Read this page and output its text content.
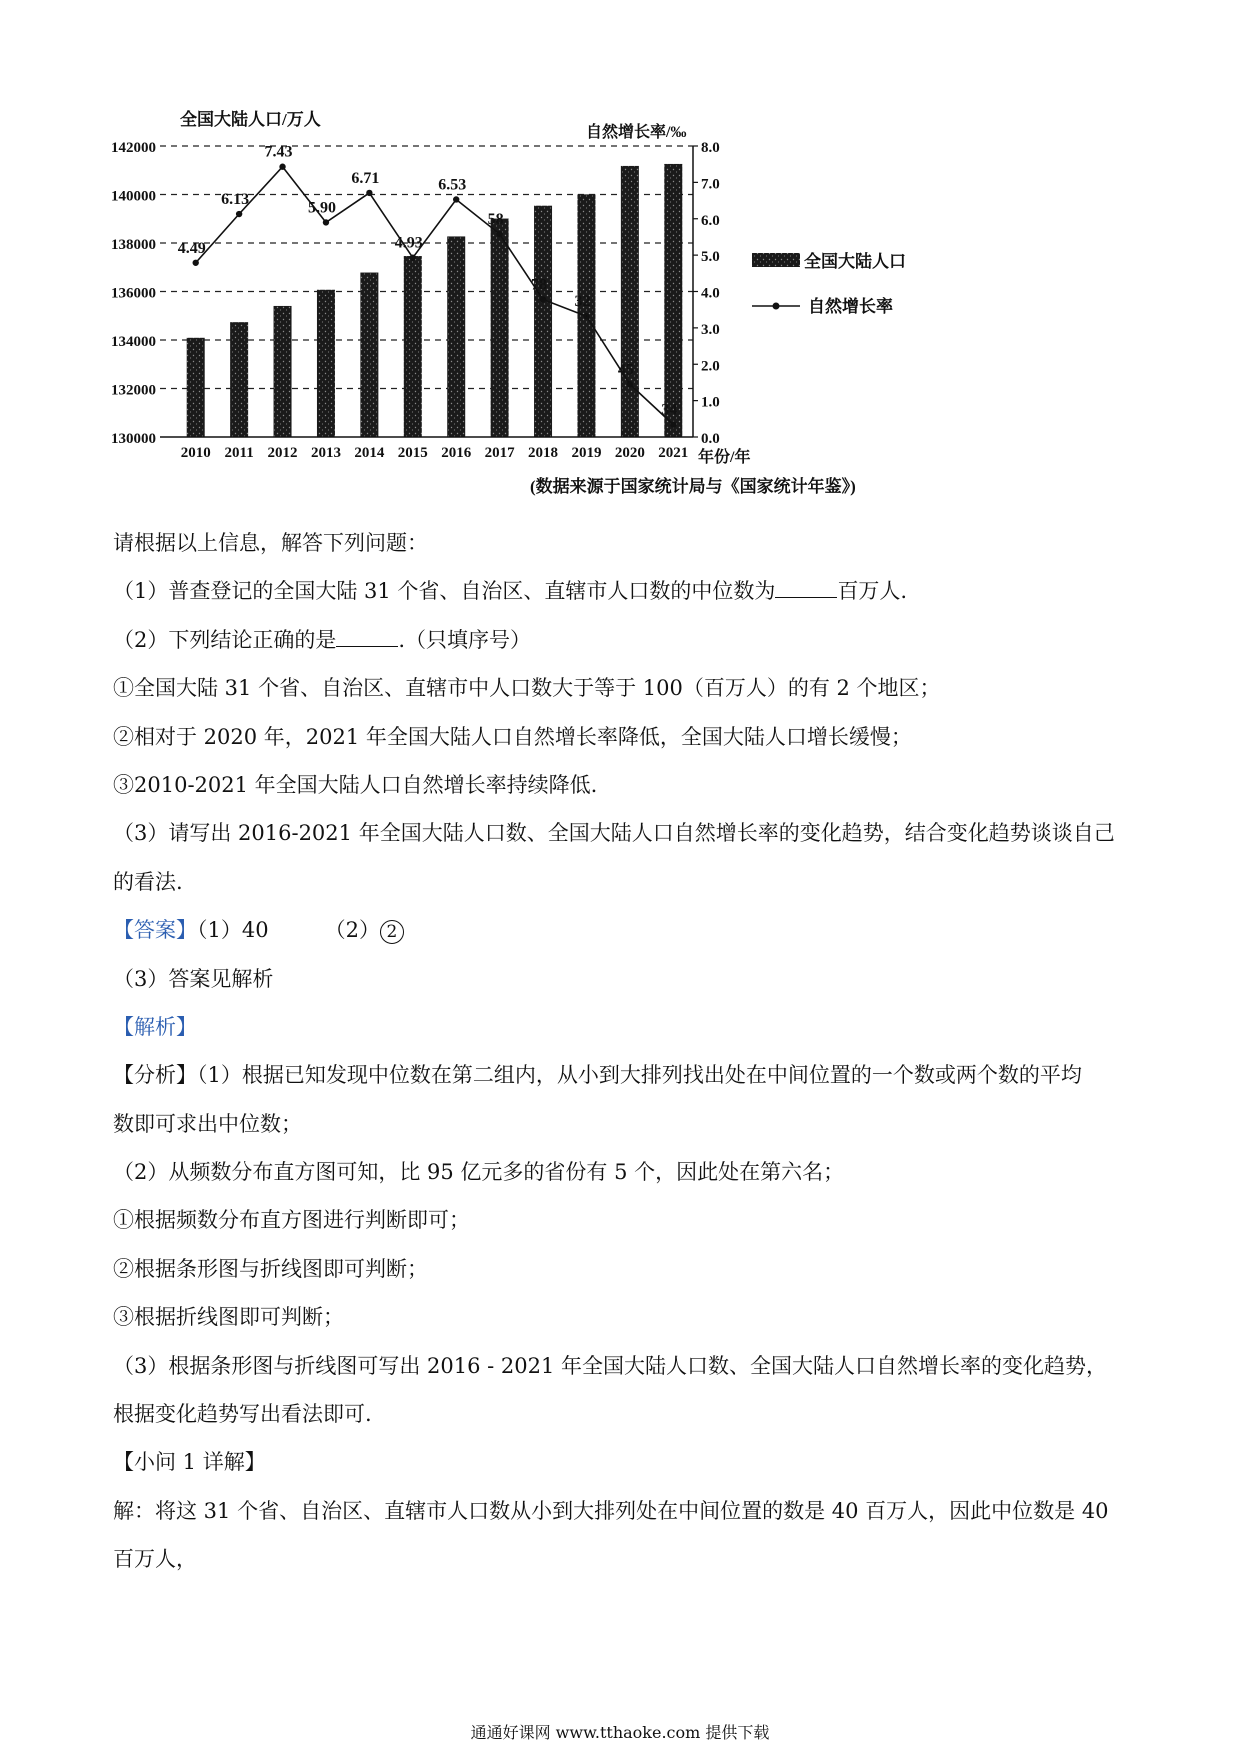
4.49
6.13
7.43
5.90
6.71
4.93
6.53
58
78
32
45
34
130000
132000
134000
136000
138000
140000
142000
0.0
1.0
2.0
3.0
4.0
5.0
6.0
7.0
8.0
2010 2011 2012 2013 2014 2015 2016 2017 2018 2019 2020 2021
全国大陆人口/万人
自然增长率/‰
年份/年
全国大陆人口
自然增长率
(数据来源于国家统计局与《国家统计年鉴》)
请根据以上信息，解答下列问题：
（1）普查登记的全国大陆 31 个省、自治区、直辖市人口数的中位数为	百万人.
（2）下列结论正确的是	.（只填序号）
①全国大陆 31 个省、自治区、直辖市中人口数大于等于 100（百万人）的有 2 个地区；
②相对于 2020 年，2021 年全国大陆人口自然增长率降低，全国大陆人口增长缓慢；
③2010-2021 年全国大陆人口自然增长率持续降低.
（3）请写出 2016-2021 年全国大陆人口数、全国大陆人口自然增长率的变化趋势，结合变化趋势谈谈自己
的看法.
【答案】（1）40	（2） 2
（3）答案见解析
【解析】
【分析】（1）根据已知发现中位数在第二组内，从小到大排列找出处在中间位置的一个数或两个数的平均
数即可求出中位数；
（2）从频数分布直方图可知，比 95 亿元多的省份有 5 个，因此处在第六名；
①根据频数分布直方图进行判断即可；
②根据条形图与折线图即可判断；
③根据折线图即可判断；
（3）根据条形图与折线图可写出 2016 - 2021 年全国大陆人口数、全国大陆人口自然增长率的变化趋势，
根据变化趋势写出看法即可.
【小问 1 详解】
解：将这 31 个省、自治区、直辖市人口数从小到大排列处在中间位置的数是 40 百万人，因此中位数是 40
百万人，
通通好课网 www.tthaoke.com 提供下载
